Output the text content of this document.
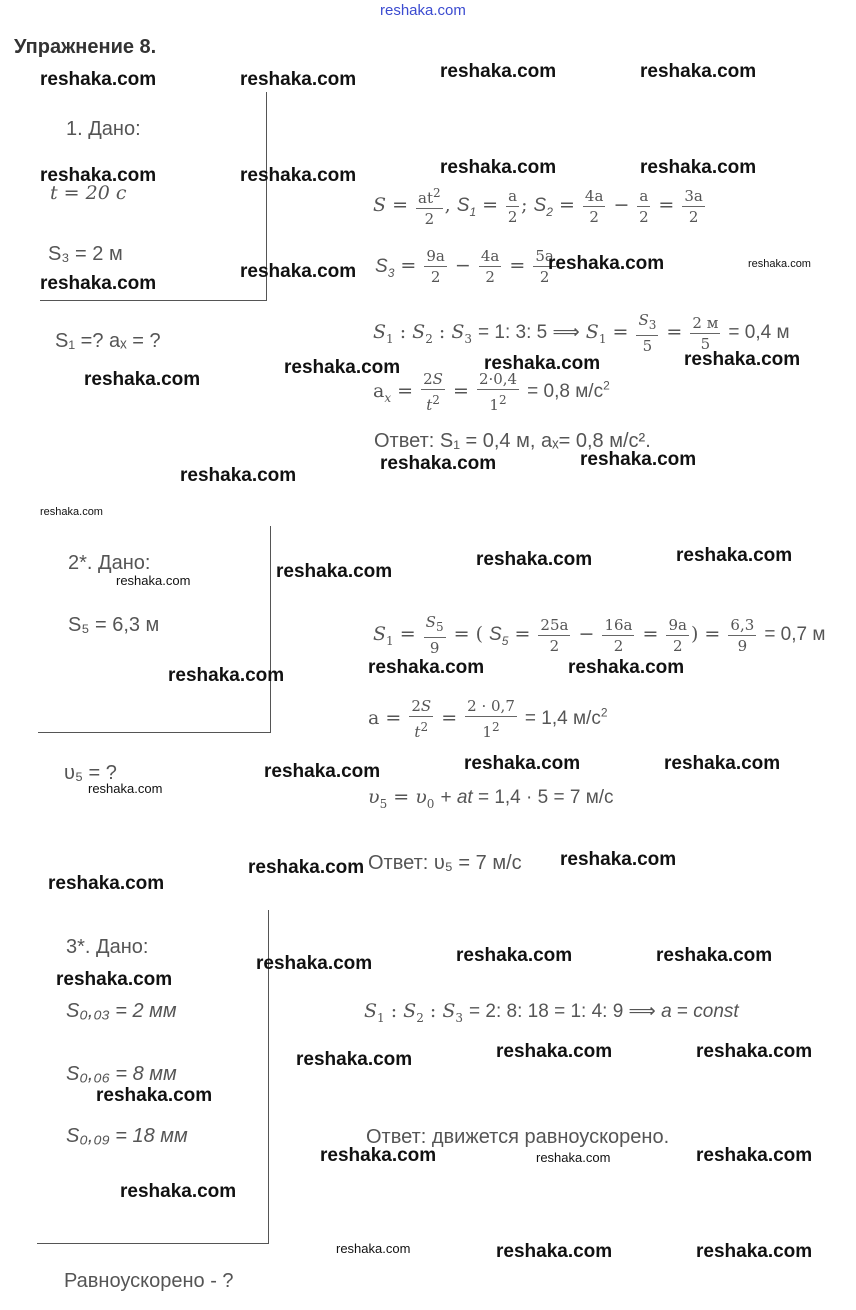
reshaka.com
Упражнение 8.
1. Дано:
t = 20 c
S₃ = 2 м
S₁ =? aₓ = ?
$S = \frac{at^2}{2}$ , $S_1 = \frac{a}{2}$ ; $S_2 = \frac{4a}{2} - \frac{a}{2} = \frac{3a}{2}$
$S_3 = \frac{9a}{2} - \frac{4a}{2} = \frac{5a}{2}$
$S_1$ : $S_2$ : $S_3 = 1$: 3: 5 ⟹ $S_1 = \frac{S_3}{5} = \frac{2 м}{5} = 0,4$ м
$a_x = \frac{2S}{t^2} = \frac{2\cdot 0,4}{1^2} = 0,8$ $м/с^2$
Ответ: S₁ = 0,4 м, aₓ= 0,8 м/с².
2*. Дано:
S₅ = 6,3 м
υ₅ = ?
$S_1 = \frac{S_5}{9}$ = ( $S_5 = \frac{25a}{2} - \frac{16a}{2} = \frac{9a}{2}$ ) = $\frac{6,3}{9} = 0,7$ м
$a = \frac{2S}{t^2} = \frac{2 \cdot 0,7}{1^2} = 1,4$ $м/с^2$
$\upsilon_5 = \upsilon_0$ + at = 1,4 · 5 = 7 м/с
Ответ: υ₅ = 7 м/с
3*. Дано:
S₀,₀₃ = 2 мм
S₀,₀₆ = 8 мм
S₀,₀₉ = 18 мм
Равноускорено - ?
$S_1$ : $S_2$ : $S_3 = 2$: 8: 18 = 1: 4: 9 ⟹ a = const
Ответ: движется равноускорено.
reshaka.com	reshaka.com	reshaka.com	reshaka.com
reshaka.com	reshaka.com	reshaka.com	reshaka.com
reshaka.com
reshaka.com
reshaka.com	reshaka.com
reshaka.com	reshaka.com	reshaka.com
reshaka.com
reshaka.com	reshaka.com
reshaka.com
reshaka.com
reshaka.com	reshaka.com
reshaka.com
reshaka.com
reshaka.com	reshaka.com
reshaka.com
reshaka.com	reshaka.com
reshaka.com
reshaka.com
reshaka.com
reshaka.com
reshaka.com
reshaka.com	reshaka.com
reshaka.com
reshaka.com
reshaka.com	reshaka.com
reshaka.com
reshaka.com
reshaka.com	reshaka.com	reshaka.com
reshaka.com
reshaka.com	reshaka.com	reshaka.com
